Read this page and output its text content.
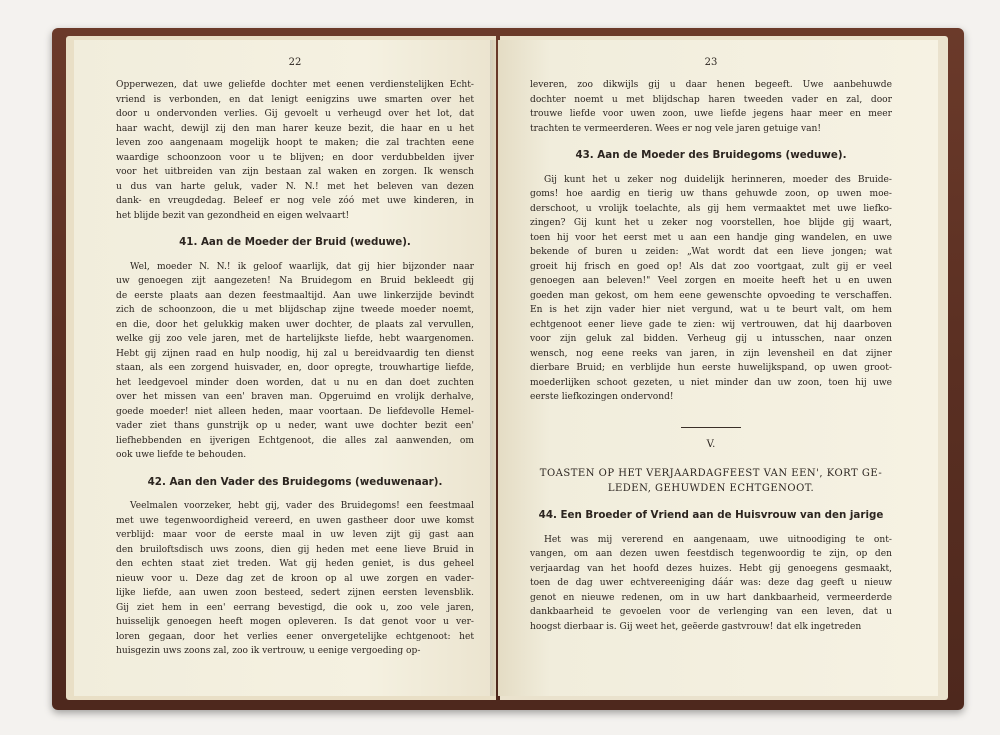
22
Opperwezen, dat uwe geliefde dochter met eenen verdienstelijken Echt-
vriend is verbonden, en dat lenigt eenigzins uwe smarten over het
door u ondervonden verlies. Gij gevoelt u verheugd over het lot, dat
haar wacht, dewijl zij den man harer keuze bezit, die haar en u het
leven zoo aangenaam mogelijk hoopt te maken; die zal trachten eene
waardige schoonzoon voor u te blijven; en door verdubbelden ijver
voor het uitbreiden van zijn bestaan zal waken en zorgen. Ik wensch
u dus van harte geluk, vader N. N.! met het beleven van dezen
dank- en vreugdedag. Beleef er nog vele zóó met uwe kinderen, in
het blijde bezit van gezondheid en eigen welvaart!
41. Aan de Moeder der Bruid (weduwe).
Wel, moeder N. N.! ik geloof waarlijk, dat gij hier bijzonder naar
uw genoegen zijt aangezeten! Na Bruidegom en Bruid bekleedt gij
de eerste plaats aan dezen feestmaaltijd. Aan uwe linkerzijde bevindt
zich de schoonzoon, die u met blijdschap zijne tweede moeder noemt,
en die, door het gelukkig maken uwer dochter, de plaats zal vervullen,
welke gij zoo vele jaren, met de hartelijkste liefde, hebt waargenomen.
Hebt gij zijnen raad en hulp noodig, hij zal u bereidvaardig ten dienst
staan, als een zorgend huisvader, en, door opregte, trouwhartige liefde,
het leedgevoel minder doen worden, dat u nu en dan doet zuchten
over het missen van een' braven man. Opgeruimd en vrolijk derhalve,
goede moeder! niet alleen heden, maar voortaan. De liefdevolle Hemel-
vader ziet thans gunstrijk op u neder, want uwe dochter bezit een'
liefhebbenden en ijverigen Echtgenoot, die alles zal aanwenden, om
ook uwe liefde te behouden.
42. Aan den Vader des Bruidegoms (weduwenaar).
Veelmalen voorzeker, hebt gij, vader des Bruidegoms! een feestmaal
met uwe tegenwoordigheid vereerd, en uwen gastheer door uwe komst
verblijd: maar voor de eerste maal in uw leven zijt gij gast aan
den bruiloftsdisch uws zoons, dien gij heden met eene lieve Bruid in
den echten staat ziet treden. Wat gij heden geniet, is dus geheel
nieuw voor u. Deze dag zet de kroon op al uwe zorgen en vader-
lijke liefde, aan uwen zoon besteed, sedert zijnen eersten levensblik.
Gij ziet hem in een' eerrang bevestigd, die ook u, zoo vele jaren,
huisselijk genoegen heeft mogen opleveren. Is dat genot voor u ver-
loren gegaan, door het verlies eener onvergetelijke echtgenoot: het
huisgezin uws zoons zal, zoo ik vertrouw, u eenige vergoeding op-
23
leveren, zoo dikwijls gij u daar henen begeeft. Uwe aanbehuwde
dochter noemt u met blijdschap haren tweeden vader en zal, door
trouwe liefde voor uwen zoon, uwe liefde jegens haar meer en meer
trachten te vermeerderen. Wees er nog vele jaren getuige van!
43. Aan de Moeder des Bruidegoms (weduwe).
Gij kunt het u zeker nog duidelijk herinneren, moeder des Bruide-
goms! hoe aardig en tierig uw thans gehuwde zoon, op uwen moe-
derschoot, u vrolijk toelachte, als gij hem vermaaktet met uwe liefko-
zingen? Gij kunt het u zeker nog voorstellen, hoe blijde gij waart,
toen hij voor het eerst met u aan een handje ging wandelen, en uwe
bekende of buren u zeiden: „Wat wordt dat een lieve jongen; wat
groeit hij frisch en goed op! Als dat zoo voortgaat, zult gij er veel
genoegen aan beleven!" Veel zorgen en moeite heeft het u en uwen
goeden man gekost, om hem eene gewenschte opvoeding te verschaffen.
En is het zijn vader hier niet vergund, wat u te beurt valt, om hem
echtgenoot eener lieve gade te zien: wij vertrouwen, dat hij daarboven
voor zijn geluk zal bidden. Verheug gij u intusschen, naar onzen
wensch, nog eene reeks van jaren, in zijn levensheil en dat zijner
dierbare Bruid; en verblijde hun eerste huwelijkspand, op uwen groot-
moederlijken schoot gezeten, u niet minder dan uw zoon, toen hij uwe
eerste liefkozingen ondervond!
V.
TOASTEN OP HET VERJAARDAGFEEST VAN EEN', KORT GE-
LEDEN, GEHUWDEN ECHTGENOOT.
44. Een Broeder of Vriend aan de Huisvrouw van den jarige
Het was mij vererend en aangenaam, uwe uitnoodiging te ont-
vangen, om aan dezen uwen feestdisch tegenwoordig te zijn, op den
verjaardag van het hoofd dezes huizes. Hebt gij genoegens gesmaakt,
toen de dag uwer echtvereeniging dáár was: deze dag geeft u nieuw
genot en nieuwe redenen, om in uw hart dankbaarheid, vermeerderde
dankbaarheid te gevoelen voor de verlenging van een leven, dat u
hoogst dierbaar is. Gij weet het, geëerde gastvrouw! dat elk ingetreden
